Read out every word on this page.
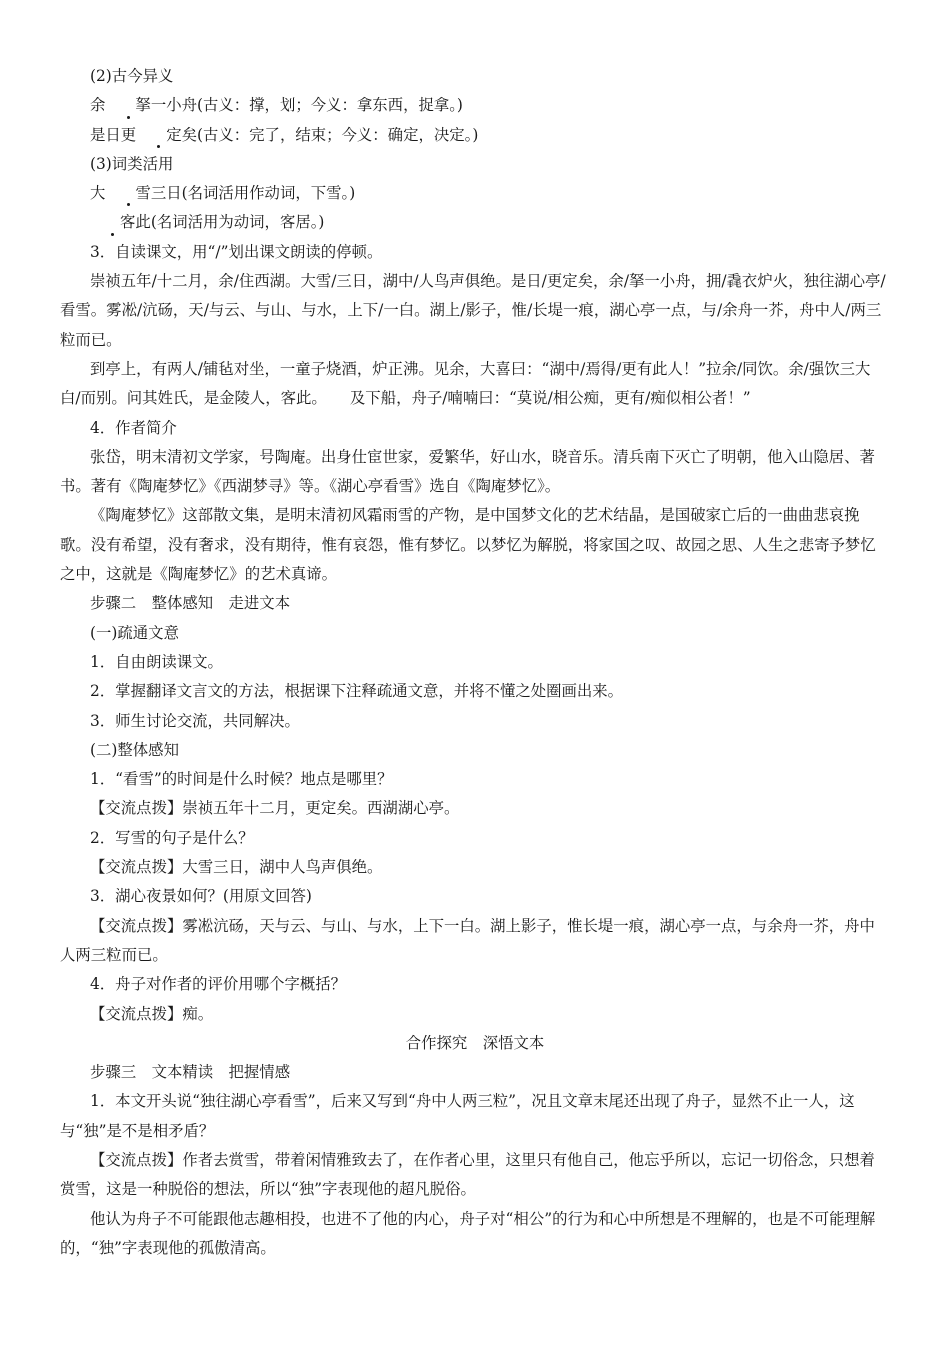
(2)古今异义

余 拏一小舟(古义：撑，划；今义：拿东西，捉拿。)

是日更 定矣(古义：完了，结束；今义：确定，决定。)

(3)词类活用

大 雪三日(名词活用作动词，下雪。)

客此(名词活用为动词，客居。)

3．自读课文，用“/”划出课文朗读的停顿。

崇祯五年/十二月，余/住西湖。大雪/三日，湖中/人鸟声俱绝。是日/更定矣，余/拏一小舟，拥/毳衣炉火，独往湖心亭/看雪。雾凇/沆砀，天/与云、与山、与水，上下/一白。湖上/影子，惟/长堤一痕，湖心亭一点，与/余舟一芥，舟中人/两三粒而已。

到亭上，有两人/铺毡对坐，一童子烧酒，炉正沸。见余，大喜曰：“湖中/焉得/更有此人！”拉余/同饮。余/强饮三大白/而别。问其姓氏，是金陵人，客此。　　及下船，舟子/喃喃曰：“莫说/相公痴，更有/痴似相公者！”

4．作者简介

张岱，明末清初文学家，号陶庵。出身仕宦世家，爱繁华，好山水，晓音乐。清兵南下灭亡了明朝，他入山隐居、著书。著有《陶庵梦忆》《西湖梦寻》等。《湖心亭看雪》选自《陶庵梦忆》。

《陶庵梦忆》这部散文集，是明末清初风霜雨雪的产物，是中国梦文化的艺术结晶，是国破家亡后的一曲曲悲哀挽歌。没有希望，没有奢求，没有期待，惟有哀怨，惟有梦忆。以梦忆为解脱，将家国之叹、故园之思、人生之悲寄予梦忆之中，这就是《陶庵梦忆》的艺术真谛。

步骤二　整体感知　走进文本

(一)疏通文意

1．自由朗读课文。

2．掌握翻译文言文的方法，根据课下注释疏通文意，并将不懂之处圈画出来。

3．师生讨论交流，共同解决。

(二)整体感知

1．“看雪”的时间是什么时候？地点是哪里？

【交流点拨】崇祯五年十二月，更定矣。西湖湖心亭。

2．写雪的句子是什么？

【交流点拨】大雪三日，湖中人鸟声俱绝。

3．湖心夜景如何？(用原文回答)

【交流点拨】雾凇沆砀，天与云、与山、与水，上下一白。湖上影子，惟长堤一痕，湖心亭一点，与余舟一芥，舟中人两三粒而已。

4．舟子对作者的评价用哪个字概括？

【交流点拨】痴。

合作探究　深悟文本

步骤三　文本精读　把握情感

1．本文开头说“独往湖心亭看雪”，后来又写到“舟中人两三粒”，况且文章末尾还出现了舟子，显然不止一人，这与“独”是不是相矛盾？

【交流点拨】作者去赏雪，带着闲情雅致去了，在作者心里，这里只有他自己，他忘乎所以，忘记一切俗念，只想着赏雪，这是一种脱俗的想法，所以“独”字表现他的超凡脱俗。

他认为舟子不可能跟他志趣相投，也进不了他的内心，舟子对“相公”的行为和心中所想是不理解的，也是不可能理解的，“独”字表现他的孤傲清高。
